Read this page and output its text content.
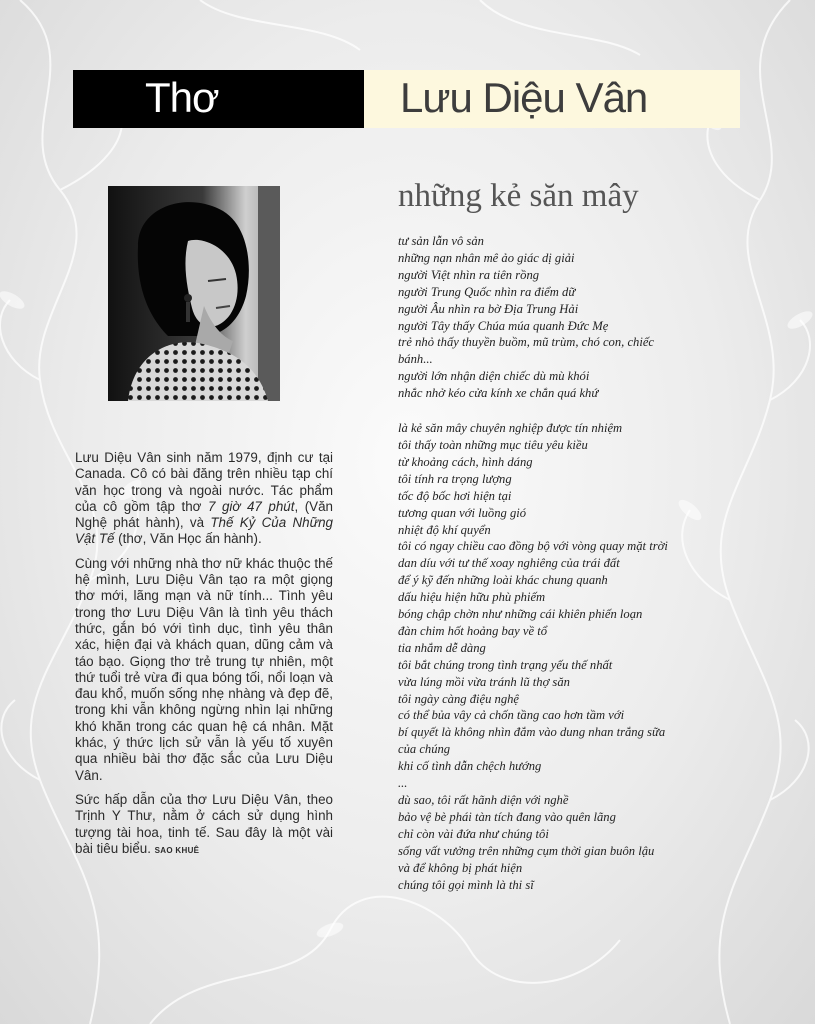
Thơ	Lưu Diệu Vân

Lưu Diệu Vân sinh năm 1979, định cư tại Canada. Cô có bài đăng trên nhiều tạp chí văn học trong và ngoài nước. Tác phẩm của cô gồm tập thơ 7 giờ 47 phút, (Văn Nghệ phát hành), và Thế Kỷ Của Những Vật Tế (thơ, Văn Học ấn hành).

Cùng với những nhà thơ nữ khác thuộc thế hệ mình, Lưu Diệu Vân tạo ra một giọng thơ mới, lãng mạn và nữ tính... Tình yêu trong thơ Lưu Diệu Vân là tình yêu thách thức, gắn bó với tình dục, tình yêu thân xác, hiện đại và khách quan, dũng cảm và táo bạo. Giọng thơ trẻ trung tự nhiên, một thứ tuổi trẻ vừa đi qua bóng tối, nổi loạn và đau khổ, muốn sống nhẹ nhàng và đẹp đẽ, trong khi vẫn không ngừng nhìn lại những khó khăn trong các quan hệ cá nhân. Mặt khác, ý thức lịch sử vẫn là yếu tố xuyên qua nhiều bài thơ đặc sắc của Lưu Diệu Vân.

Sức hấp dẫn của thơ Lưu Diệu Vân, theo Trịnh Y Thư, nằm ở cách sử dụng hình tượng tài hoa, tinh tế. Sau đây là một vài bài tiêu biểu. SAO KHUÊ

những kẻ săn mây
tư sản lẫn vô sản
những nạn nhân mê ảo giác dị giải
người Việt nhìn ra tiên rồng
người Trung Quốc nhìn ra điểm dữ
người Âu nhìn ra bờ Địa Trung Hải
người Tây thấy Chúa múa quanh Đức Mẹ
trẻ nhỏ thấy thuyền buồm, mũ trùm, chó con, chiếc
bánh...
người lớn nhận diện chiếc dù mù khói
nhắc nhở kéo cửa kính xe chắn quá khứ
là kẻ săn mây chuyên nghiệp được tín nhiệm
tôi thấy toàn những mục tiêu yêu kiều
từ khoảng cách, hình dáng
tôi tính ra trọng lượng
tốc độ bốc hơi hiện tại
tương quan với luồng gió
nhiệt độ khí quyển
tôi có ngay chiều cao đồng bộ với vòng quay mặt trời
dan díu với tư thế xoay nghiêng của trái đất
để ý kỹ đến những loài khác chung quanh
dấu hiệu hiện hữu phù phiếm
bóng chập chờn như những cái khiên phiến loạn
đàn chim hốt hoảng bay về tổ
tia nhắm dễ dàng
tôi bắt chúng trong tình trạng yếu thế nhất
vừa lúng mồi vừa tránh lũ thợ săn
tôi ngày càng điệu nghệ
có thể bủa vây cả chốn tầng cao hơn tầm với
bí quyết là không nhìn đắm vào dung nhan trắng sữa
của chúng
khi cố tình dẫn chệch hướng
...
dù sao, tôi rất hãnh diện với nghề
bảo vệ bè phái tàn tích đang vào quên lãng
chỉ còn vài đứa như chúng tôi
sống vất vưởng trên những cụm thời gian buôn lậu
và để không bị phát hiện
chúng tôi gọi mình là thi sĩ
